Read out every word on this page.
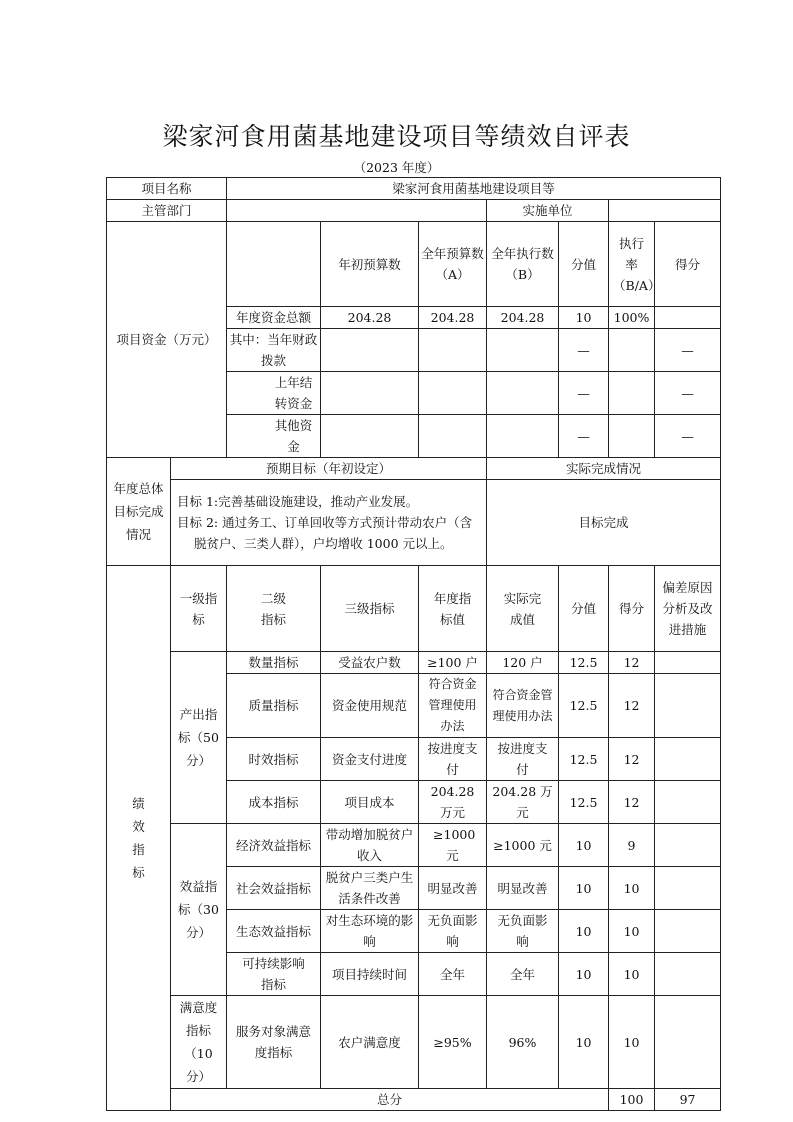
梁家河食用菌基地建设项目等绩效自评表
（2023 年度）
项目名称		梁家河食用菌基地建设项目等							
主管部门					实施单位				
项目资金（万元）			年初预算数	全年预算数（A）	全年执行数（B）	分值	执行率（B/A）	得分	
		年度资金总额	204.28	204.28	204.28	10	100%		
		其中：当年财政拨款				—		—	
		上年结转资金				—		—	
		其他资金				—		—	
年度总体目标完成情况	预期目标（年初设定）				实际完成情况				

	目标 1:完善基础设施建设，推动产业发展。
目标 2: 通过务工、订单回收等方式预计带动农户（含
脱贫户、三类人群），户均增收 1000 元以上。				目标完成				
绩效指标	一级指标	二级指标	三级指标	年度指标值	实际完成值	分值	得分	偏差原因分析及改进措施	
	产出指标（50分）	数量指标	受益农户数	≥100 户	120 户	12.5	12		
		质量指标	资金使用规范	符合资金管理使用办法	符合资金管理使用办法	12.5	12		
		时效指标	资金支付进度	按进度支付	按进度支付	12.5	12		
		成本指标	项目成本	204.28 万元	204.28 万元	12.5	12		
	效益指标（30分）	经济效益指标	带动增加脱贫户收入	≥1000 元	≥1000 元	10	9		
		社会效益指标	脱贫户三类户生活条件改善	明显改善	明显改善	10	10		
		生态效益指标	对生态环境的影响	无负面影响	无负面影响	10	10		
		可持续影响指标	项目持续时间	全年	全年	10	10		
	满意度指标（10分）	服务对象满意度指标	农户满意度	≥95%	96%	10	10		
	总分						100	97	
